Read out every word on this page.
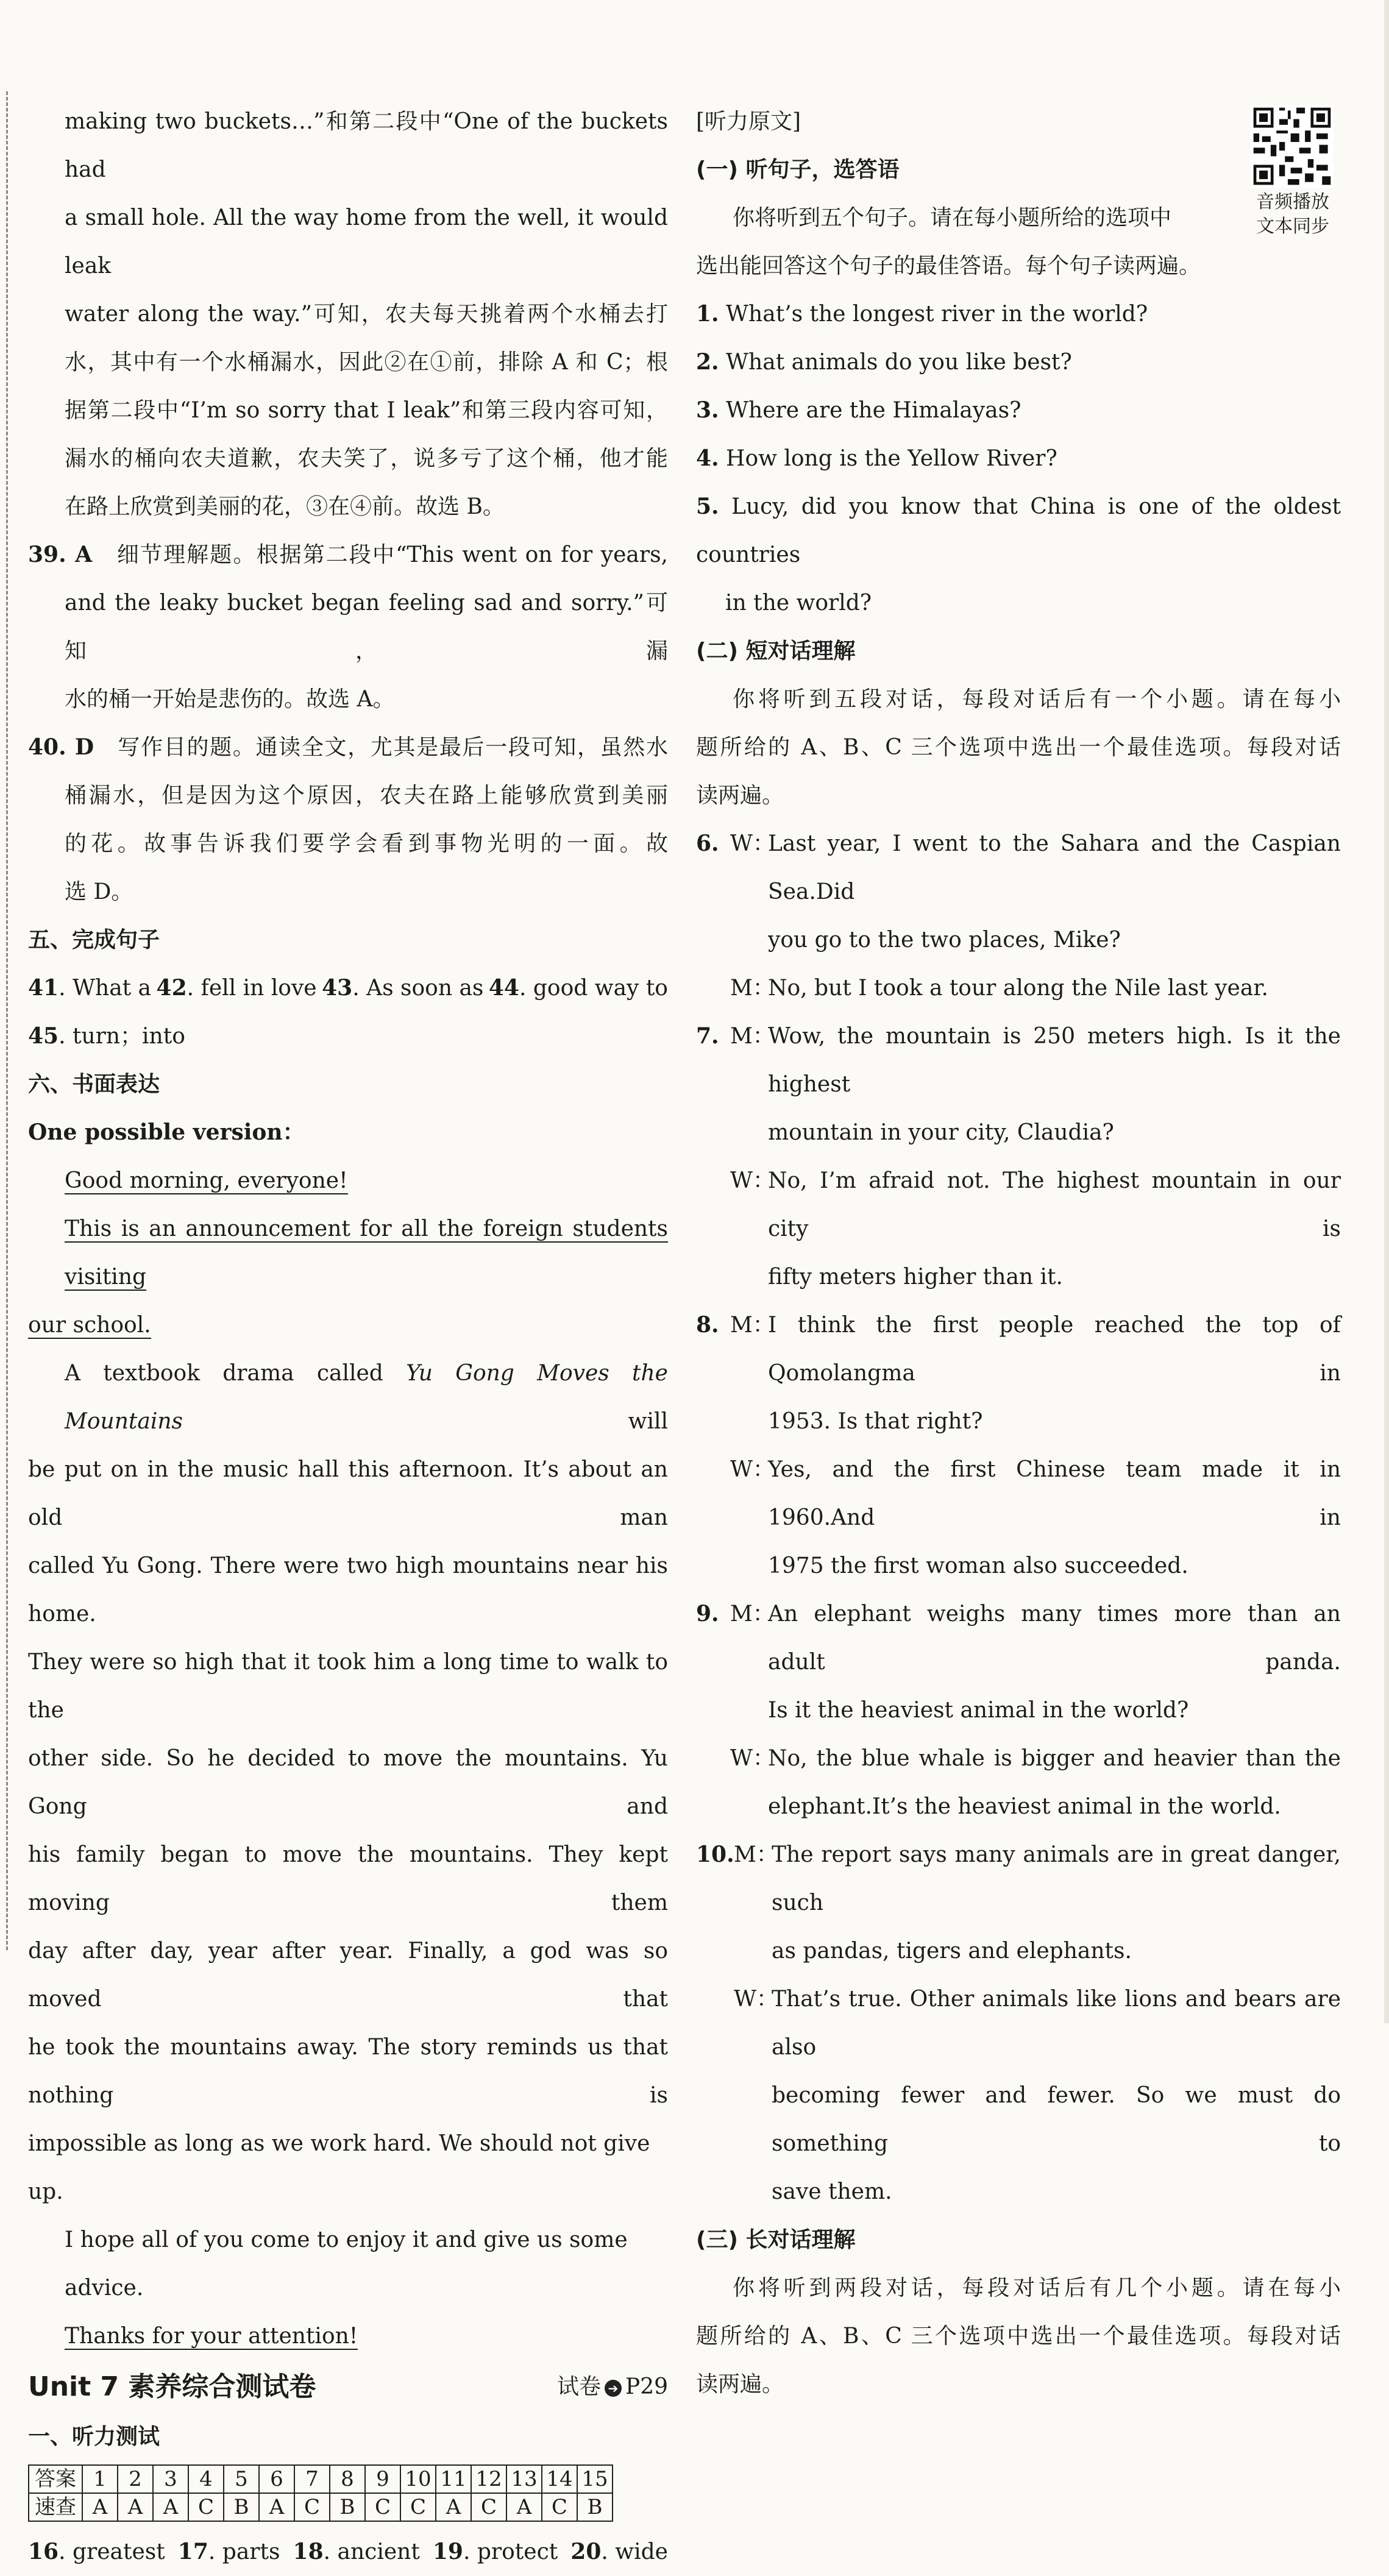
making two buckets…”和第二段中“One of the buckets had
a small hole. All the way home from the well, it would leak
water along the way.”可知，农夫每天挑着两个水桶去打
水，其中有一个水桶漏水，因此②在①前，排除 A 和 C；根
据第二段中“I’m so sorry that I leak”和第三段内容可知，
漏水的桶向农夫道歉，农夫笑了，说多亏了这个桶，他才能
在路上欣赏到美丽的花，③在④前。故选 B。
39. A 细节理解题。根据第二段中“This went on for years,
and the leaky bucket began feeling sad and sorry.”可知，漏
水的桶一开始是悲伤的。故选 A。
40. D 写作目的题。通读全文，尤其是最后一段可知，虽然水
桶漏水，但是因为这个原因，农夫在路上能够欣赏到美丽
的花。故事告诉我们要学会看到事物光明的一面。故
选 D。
五、完成句子
41. What a 42. fell in love 43. As soon as 44. good way to
45. turn；into
六、书面表达
One possible version：
Good morning, everyone!
This is an announcement for all the foreign students visiting
our school.
A textbook drama called Yu Gong Moves the Mountains will
be put on in the music hall this afternoon. It’s about an old man
called Yu Gong. There were two high mountains near his home.
They were so high that it took him a long time to walk to the
other side. So he decided to move the mountains. Yu Gong and
his family began to move the mountains. They kept moving them
day after day, year after year. Finally, a god was so moved that
he took the mountains away. The story reminds us that nothing is
impossible as long as we work hard. We should not give up.
I hope all of you come to enjoy it and give us some advice.
Thanks for your attention!
Unit 7 素养综合测试卷	试卷 ➔ P29
一、听力测试
答案	1	2	3	4	5	6	7	8	9	10	11	12	13	14	15
速查	A	A	A	C	B	A	C	B	C	C	A	C	A	C	B
16. greatest 17. parts 18. ancient 19. protect 20. wide
音频播放
文本同步
[听力原文]
(一) 听句子，选答语
你将听到五个句子。请在每小题所给的选项中
选出能回答这个句子的最佳答语。每个句子读两遍。
1. What’s the longest river in the world?
2. What animals do you like best?
3. Where are the Himalayas?
4. How long is the Yellow River?
5. Lucy, did you know that China is one of the oldest countries
in the world?
(二) 短对话理解
你将听到五段对话，每段对话后有一个小题。请在每小
题所给的 A、B、C 三个选项中选出一个最佳选项。每段对话
读两遍。
6. W：
Last year, I went to the Sahara and the Caspian Sea.Did
you go to the two places, Mike?
M：
No, but I took a tour along the Nile last year.
7. M：
Wow, the mountain is 250 meters high. Is it the highest
mountain in your city, Claudia?
W：
No, I’m afraid not. The highest mountain in our city is
fifty meters higher than it.
8. M：
I think the first people reached the top of Qomolangma in
1953. Is that right?
W：
Yes, and the first Chinese team made it in 1960.And in
1975 the first woman also succeeded.
9. M：
An elephant weighs many times more than an adult panda.
Is it the heaviest animal in the world?
W：
No, the blue whale is bigger and heavier than the
elephant.It’s the heaviest animal in the world.
10. M：
The report says many animals are in great danger, such
as pandas, tigers and elephants.
W：
That’s true. Other animals like lions and bears are also
becoming fewer and fewer. So we must do something to
save them.
(三) 长对话理解
你将听到两段对话，每段对话后有几个小题。请在每小
题所给的 A、B、C 三个选项中选出一个最佳选项。每段对话
读两遍。
